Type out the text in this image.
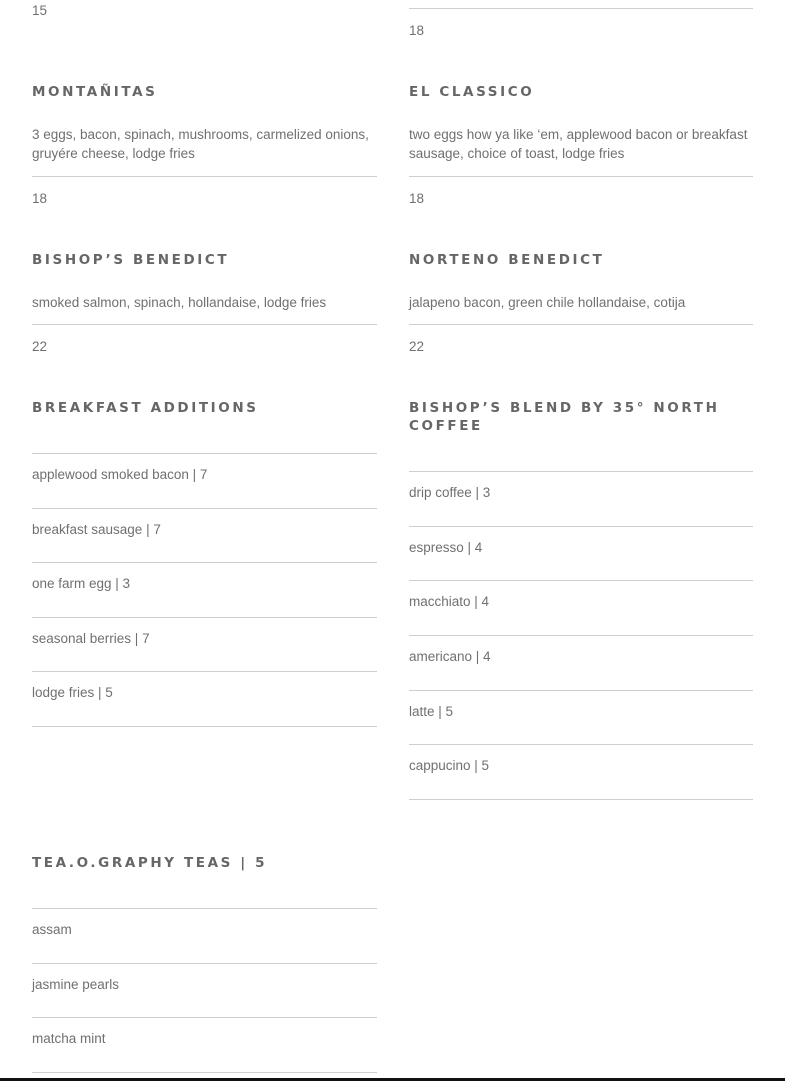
15
18
MONTAÑITAS
3 eggs, bacon, spinach, mushrooms, carmelized onions, gruyére cheese, lodge fries
18
EL CLASSICO
two eggs how ya like ‘em, applewood bacon or breakfast sausage, choice of toast, lodge fries
18
BISHOP’S BENEDICT
smoked salmon, spinach, hollandaise, lodge fries
22
NORTENO BENEDICT
jalapeno bacon, green chile hollandaise, cotija
22
BREAKFAST ADDITIONS
applewood smoked bacon | 7
breakfast sausage | 7
one farm egg | 3
seasonal berries | 7
lodge fries | 5
BISHOP’S BLEND BY 35° NORTH COFFEE
drip coffee | 3
espresso | 4
macchiato | 4
americano | 4
latte | 5
cappucino | 5
TEA.O.GRAPHY TEAS | 5
assam
jasmine pearls
matcha mint
